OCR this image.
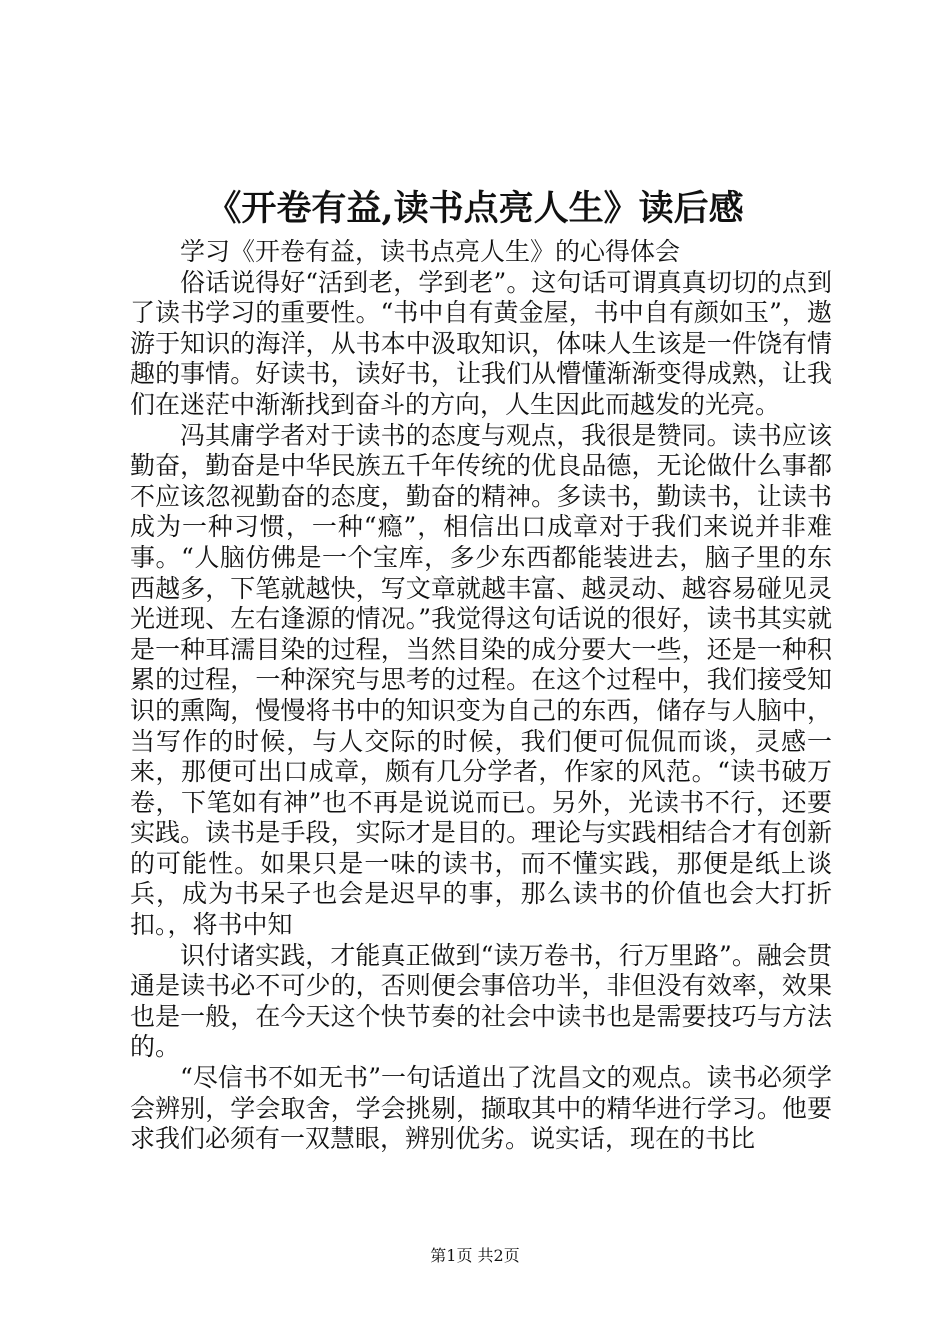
《开卷有益,读书点亮人生》读后感

学习《开卷有益，读书点亮人生》的心得体会

俗话说得好“活到老，学到老”。这句话可谓真真切切的点到了读书学习的重要性。“书中自有黄金屋，书中自有颜如玉”，遨游于知识的海洋，从书本中汲取知识，体味人生该是一件饶有情趣的事情。好读书，读好书，让我们从懵懂渐渐变得成熟，让我们在迷茫中渐渐找到奋斗的方向，人生因此而越发的光亮。

冯其庸学者对于读书的态度与观点，我很是赞同。读书应该勤奋，勤奋是中华民族五千年传统的优良品德，无论做什么事都不应该忽视勤奋的态度，勤奋的精神。多读书，勤读书，让读书成为一种习惯，一种“瘾”，相信出口成章对于我们来说并非难事。“人脑仿佛是一个宝库，多少东西都能装进去，脑子里的东西越多，下笔就越快，写文章就越丰富、越灵动、越容易碰见灵光迸现、左右逢源的情况。”我觉得这句话说的很好，读书其实就是一种耳濡目染的过程，当然目染的成分要大一些，还是一种积累的过程，一种深究与思考的过程。在这个过程中，我们接受知识的熏陶，慢慢将书中的知识变为自己的东西，储存与人脑中，当写作的时候，与人交际的时候，我们便可侃侃而谈，灵感一来，那便可出口成章，颇有几分学者，作家的风范。“读书破万卷，下笔如有神”也不再是说说而已。另外，光读书不行，还要实践。读书是手段，实际才是目的。理论与实践相结合才有创新的可能性。如果只是一味的读书，而不懂实践，那便是纸上谈兵，成为书呆子也会是迟早的事，那么读书的价值也会大打折扣。，将书中知

识付诸实践，才能真正做到“读万卷书，行万里路”。融会贯通是读书必不可少的，否则便会事倍功半，非但没有效率，效果也是一般，在今天这个快节奏的社会中读书也是需要技巧与方法的。

“尽信书不如无书”一句话道出了沈昌文的观点。读书必须学会辨别，学会取舍，学会挑剔，撷取其中的精华进行学习。他要求我们必须有一双慧眼，辨别优劣。说实话，现在的书比

第1页 共2页
